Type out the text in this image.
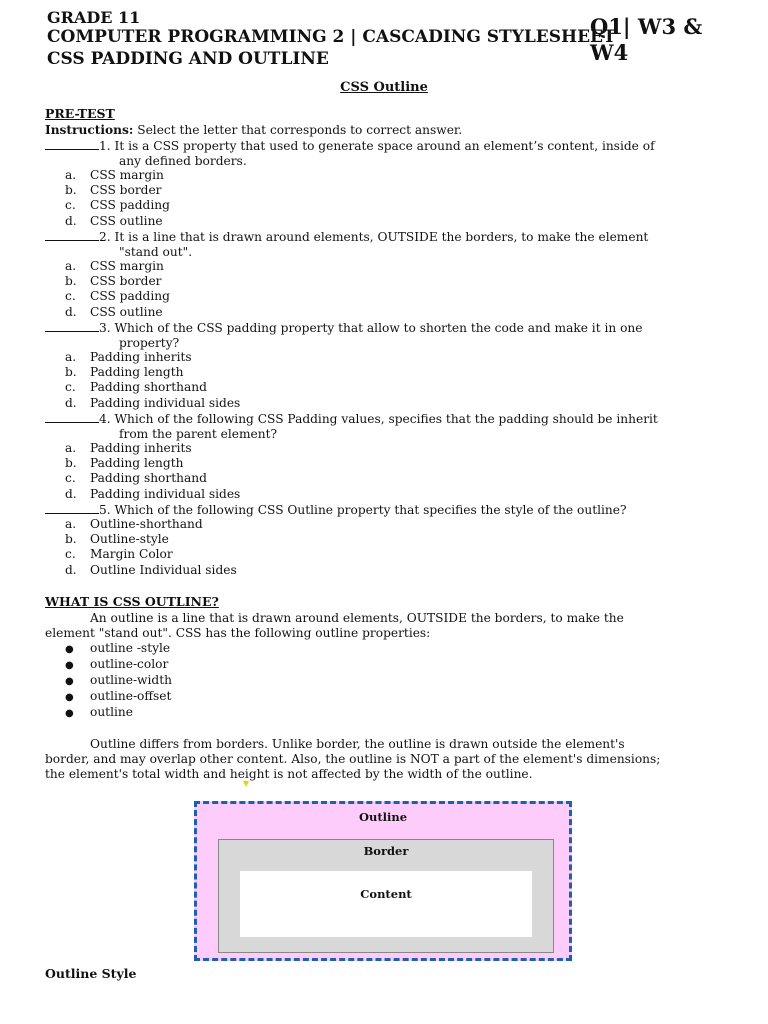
GRADE 11
COMPUTER PROGRAMMING 2 | CASCADING STYLESHEET
CSS PADDING AND OUTLINE
Q1| W3 &
W4
CSS Outline
PRE-TEST
Instructions: Select the letter that corresponds to correct answer.
1. It is a CSS property that used to generate space around an element’s content, inside of
any defined borders.
a. CSS margin
b. CSS border
c. CSS padding
d. CSS outline
2. It is a line that is drawn around elements, OUTSIDE the borders, to make the element
"stand out".
a. CSS margin
b. CSS border
c. CSS padding
d. CSS outline
3. Which of the CSS padding property that allow to shorten the code and make it in one
property?
a. Padding inherits
b. Padding length
c. Padding shorthand
d. Padding individual sides
4. Which of the following CSS Padding values, specifies that the padding should be inherit
from the parent element?
a. Padding inherits
b. Padding length
c. Padding shorthand
d. Padding individual sides
5. Which of the following CSS Outline property that specifies the style of the outline?
a. Outline-shorthand
b. Outline-style
c. Margin Color
d. Outline Individual sides
WHAT IS CSS OUTLINE?
An outline is a line that is drawn around elements, OUTSIDE the borders, to make the
element "stand out". CSS has the following outline properties:
● outline -style
● outline-color
● outline-width
● outline-offset
● outline
Outline differs from borders. Unlike border, the outline is drawn outside the element's
border, and may overlap other content. Also, the outline is NOT a part of the element's dimensions;
the element's total width and height is not affected by the width of the outline.
Outline
Border
Content
Outline Style
